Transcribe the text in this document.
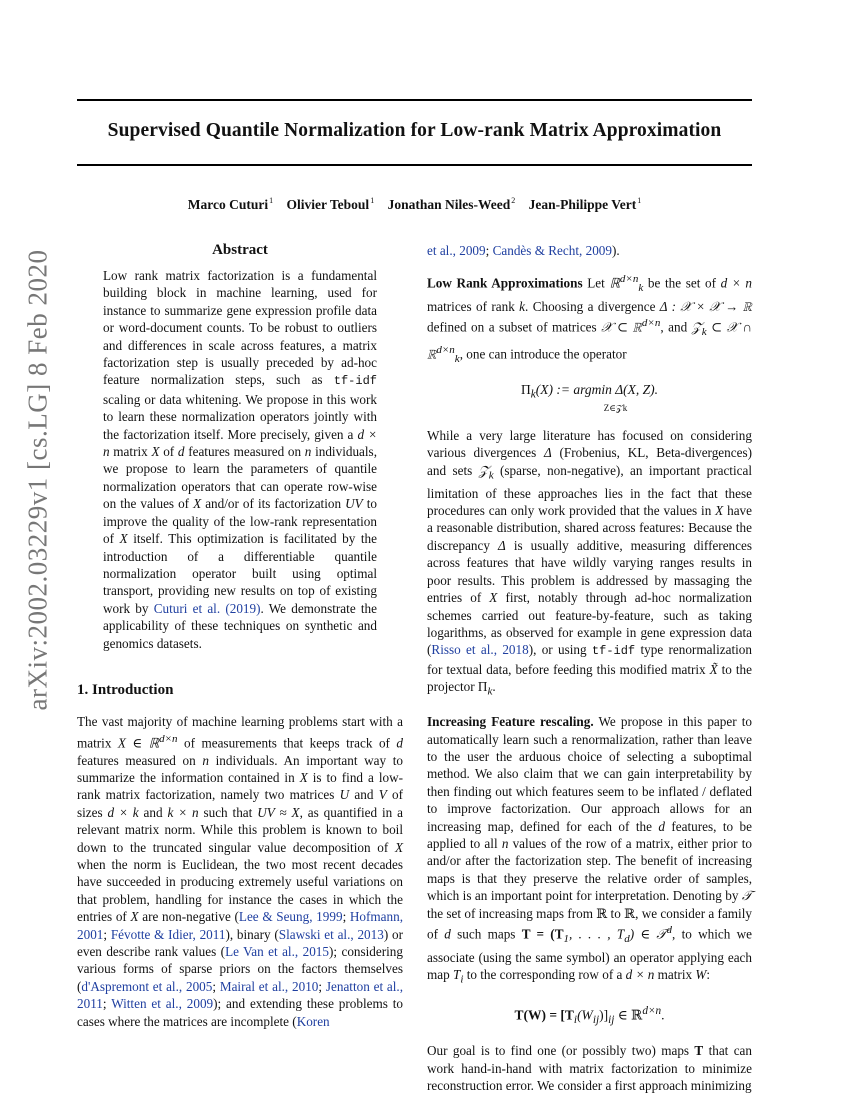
Supervised Quantile Normalization for Low-rank Matrix Approximation
Marco Cuturi$^1$ Olivier Teboul$^1$ Jonathan Niles-Weed$^2$ Jean-Philippe Vert$^1$
arXiv:2002.03229v1 [cs.LG] 8 Feb 2020	Abstract

Low rank matrix factorization is a fundamental building block in machine learning, used for instance to summarize gene expression profile data or word-document counts. To be robust to outliers and differences in scale across features, a matrix factorization step is usually preceded by ad-hoc feature normalization steps, such as tf-idf scaling or data whitening. We propose in this work to learn these normalization operators jointly with the factorization itself. More precisely, given a d × n matrix X of d features measured on n individuals, we propose to learn the parameters of quantile normalization operators that can operate row-wise on the values of X and/or of its factorization UV to improve the quality of the low-rank representation of X itself. This optimization is facilitated by the introduction of a differentiable quantile normalization operator built using optimal transport, providing new results on top of existing work by Cuturi et al. (2019). We demonstrate the applicability of these techniques on synthetic and genomics datasets.

1. Introduction

The vast majority of machine learning problems start with a matrix X ∈ ℝ$^{d\times n}$ of measurements that keeps track of d features measured on n individuals. An important way to summarize the information contained in X is to find a low-rank matrix factorization, namely two matrices U and V of sizes d × k and k × n such that UV ≈ X, as quantified in a relevant matrix norm. While this problem is known to boil down to the truncated singular value decomposition of X when the norm is Euclidean, the two most recent decades have succeeded in producing extremely useful variations on that problem, handling for instance the cases in which the entries of X are non-negative (Lee & Seung, 1999; Hofmann, 2001; Févotte & Idier, 2011), binary (Slawski et al., 2013) or even describe rank values (Le Van et al., 2015); considering various forms of sparse priors on the factors themselves (d'Aspremont et al., 2005; Mairal et al., 2010; Jenatton et al., 2011; Witten et al., 2009); and extending these problems to cases where the matrices are incomplete (Koren

et al., 2009; Candès & Recht, 2009).

Low Rank Approximations Let ℝ$^{d\times n}_k$ be the set of d × n matrices of rank k. Choosing a divergence Δ : 𝒳 × 𝒳 → ℝ defined on a subset of matrices 𝒳 ⊂ ℝ$^{d\times n}$, and 𝒵$_k$ ⊂ 𝒳 ∩ ℝ$^{d\times n}_k$, one can introduce the operator

$\Pi_k(X)$ := argmin Δ(X, Z).
Z∈𝒵k

While a very large literature has focused on considering various divergences Δ (Frobenius, KL, Beta-divergences) and sets 𝒵$_k$ (sparse, non-negative), an important practical limitation of these approaches lies in the fact that these procedures can only work provided that the values in X have a reasonable distribution, shared across features: Because the discrepancy Δ is usually additive, measuring differences across features that have wildly varying ranges results in poor results. This problem is addressed by massaging the entries of X first, notably through ad-hoc normalization schemes carried out feature-by-feature, such as taking logarithms, as observed for example in gene expression data (Risso et al., 2018), or using tf-idf type renormalization for textual data, before feeding this modified matrix X̃ to the projector $\Pi_k$.

Increasing Feature rescaling. We propose in this paper to automatically learn such a renormalization, rather than leave to the user the arduous choice of selecting a suboptimal method. We also claim that we can gain interpretability by then finding out which features seem to be inflated / deflated to improve factorization. Our approach allows for an increasing map, defined for each of the d features, to be applied to all n values of the row of a matrix, either prior to and/or after the factorization step. The benefit of increasing maps is that they preserve the relative order of samples, which is an important point for interpretation. Denoting by 𝒯 the set of increasing maps from ℝ to ℝ, we consider a family of d such maps $T = (T_1$, . . . , $T_d$) ∈ 𝒯$^d$, to which we associate (using the same symbol) an operator applying each map $T_i$ to the corresponding row of a d × n matrix W:

$T(W) = [T_i(W_{ij})]_{ij}$ ∈ ℝ$^{d\times n}$.

Our goal is to find one (or possibly two) maps T that can work hand-in-hand with matrix factorization to minimize reconstruction error. We consider a first approach minimizing
